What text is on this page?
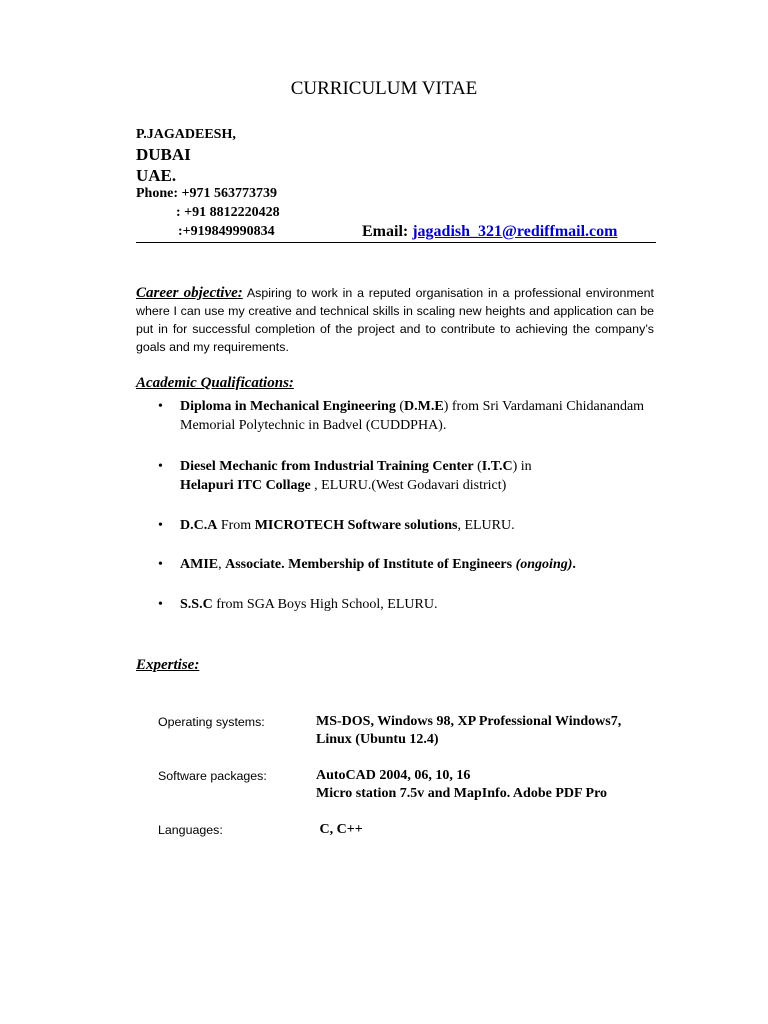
CURRICULUM VITAE
P.JAGADEESH,
DUBAI
UAE.
Phone: +971 563773739
: +91 8812220428
:+919849990834	Email: jagadish_321@rediffmail.com
Career objective: Aspiring to work in a reputed organisation in a professional environment where I can use my creative and technical skills in scaling new heights and application can be put in for successful completion of the project and to contribute to achieving the company’s goals and my requirements.
Academic Qualifications:
• Diploma in Mechanical Engineering (D.M.E) from Sri Vardamani Chidanandam Memorial Polytechnic in Badvel (CUDDPHA).
• Diesel Mechanic from Industrial Training Center (I.T.C) in
Helapuri ITC Collage , ELURU.(West Godavari district)
• D.C.A From MICROTECH Software solutions, ELURU.
• AMIE, Associate. Membership of Institute of Engineers (ongoing).
• S.S.C from SGA Boys High School, ELURU.
Expertise:
Operating systems:	MS-DOS, Windows 98, XP Professional Windows7,
Linux (Ubuntu 12.4)
Software packages:	AutoCAD 2004, 06, 10, 16
Micro station 7.5v and MapInfo. Adobe PDF Pro
Languages:	C, C++
